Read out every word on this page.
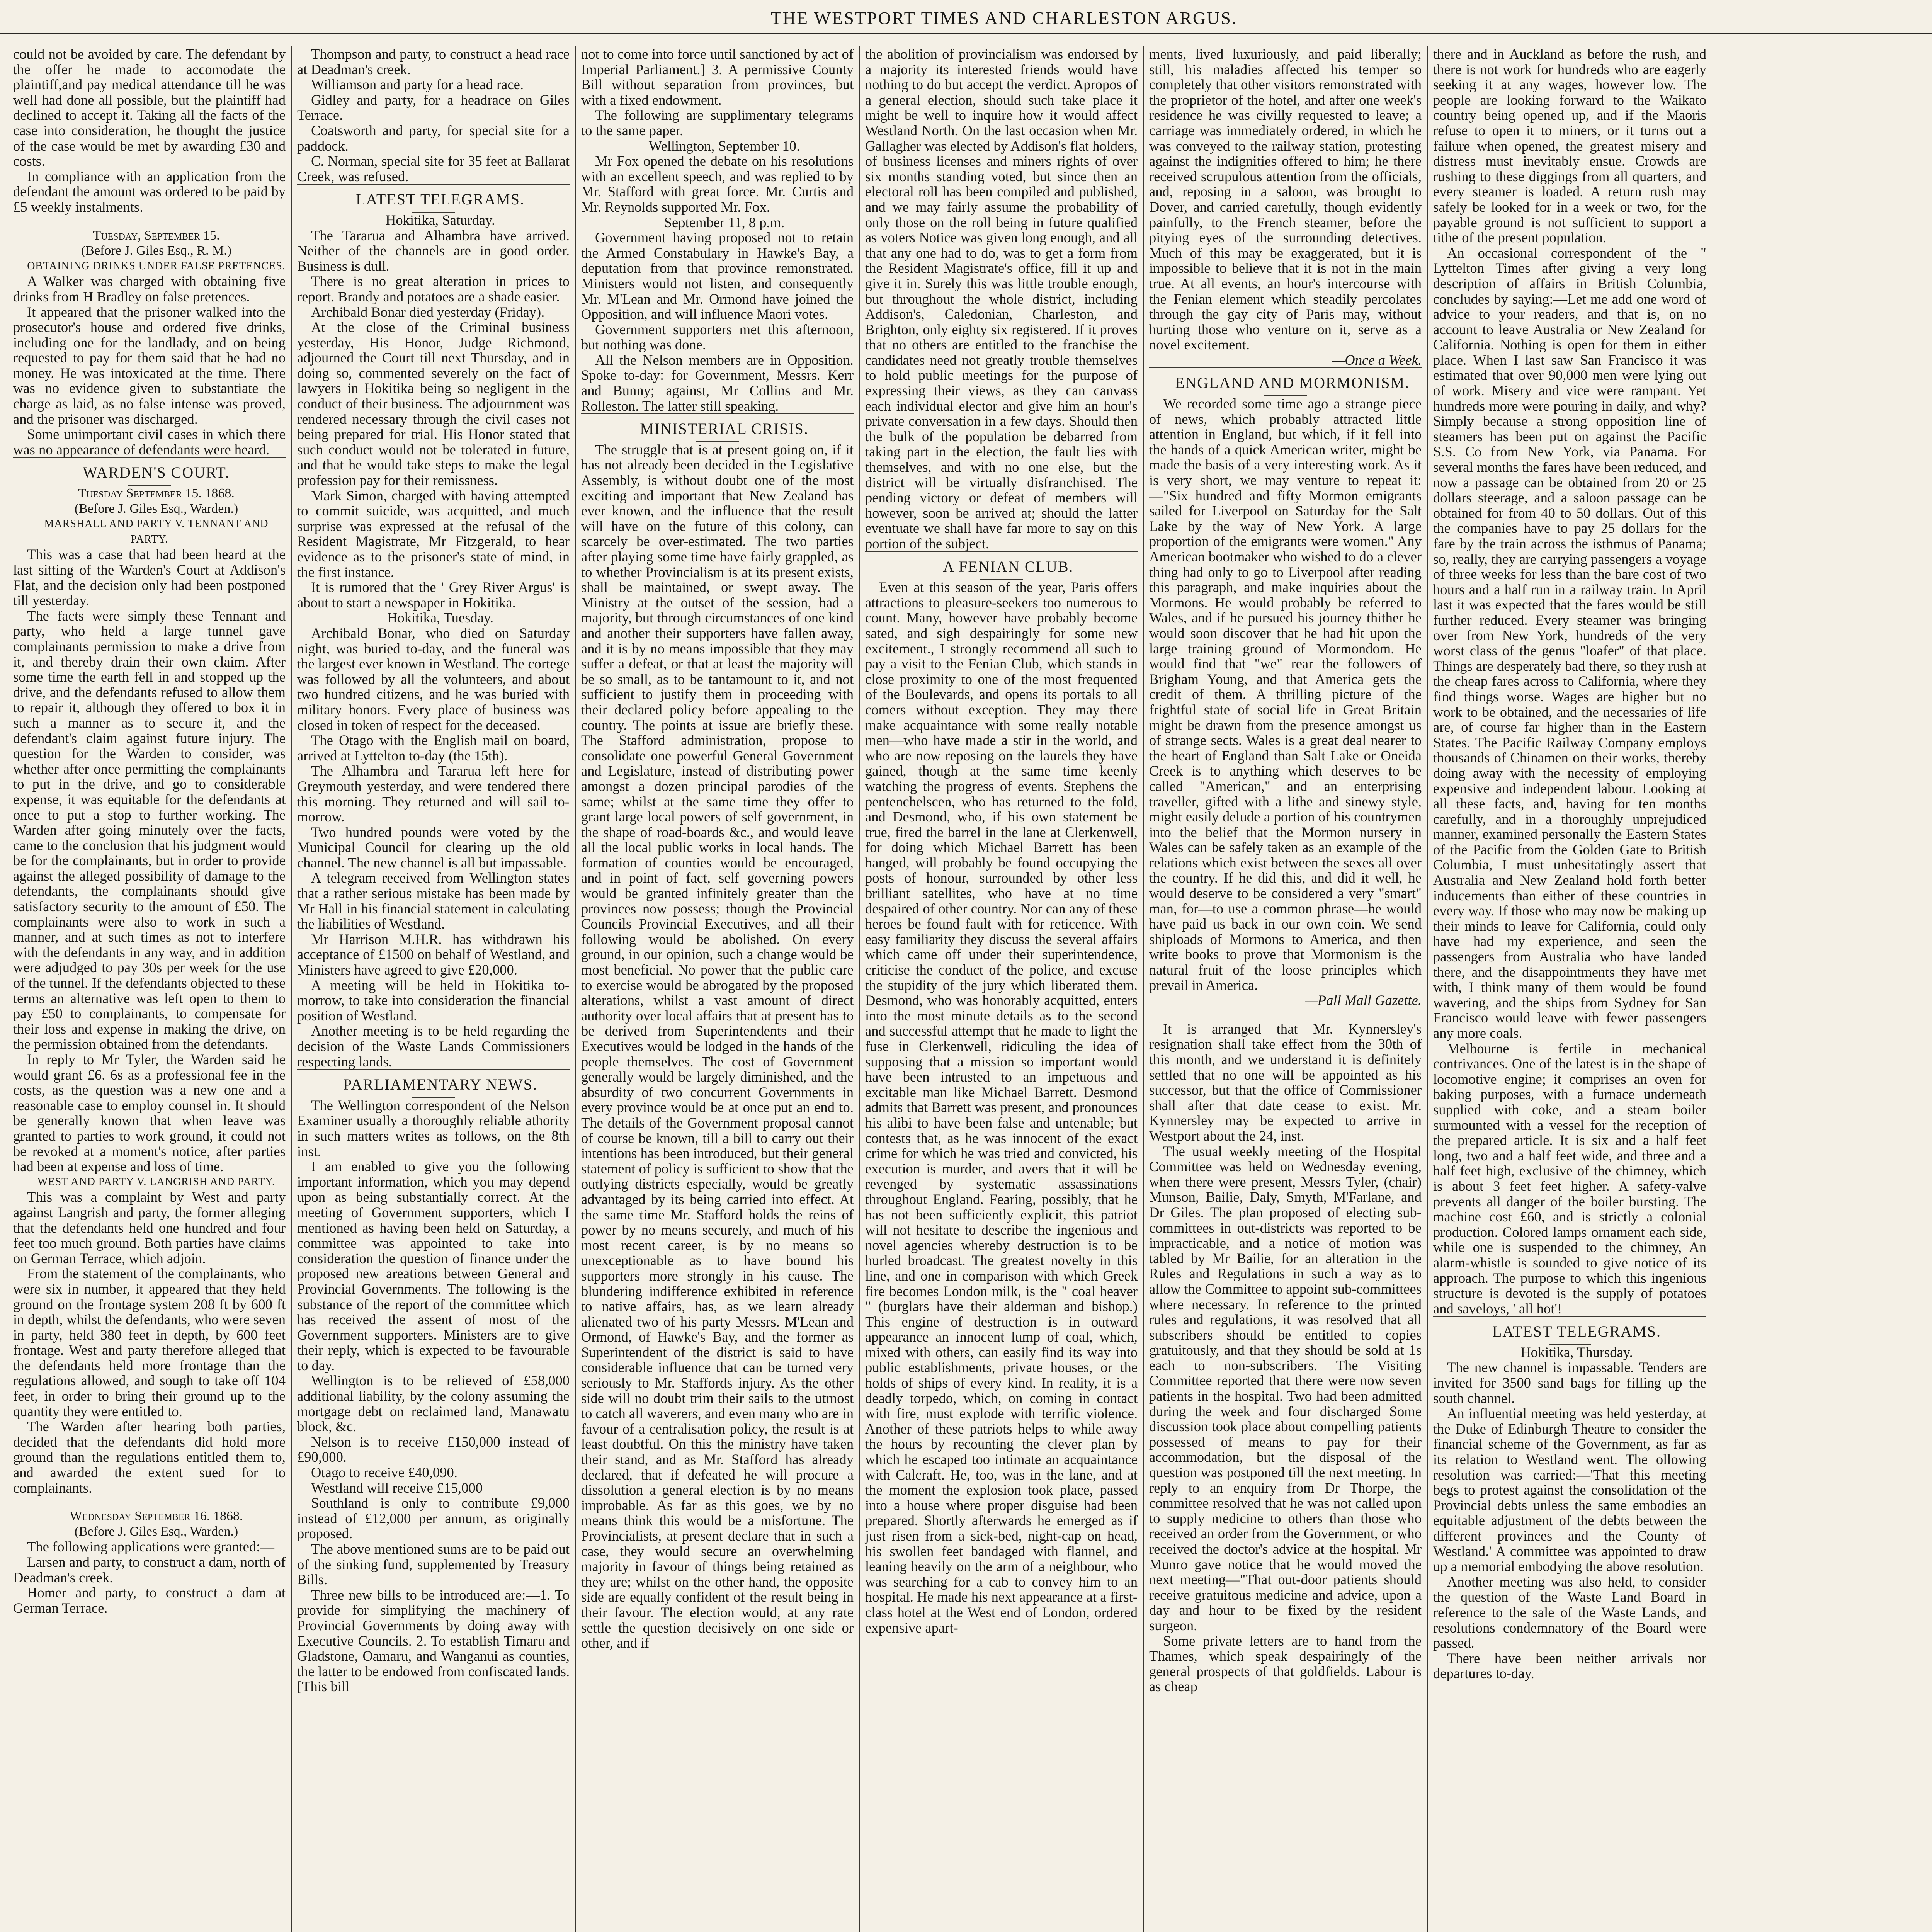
THE WESTPORT TIMES AND CHARLESTON ARGUS.

could not be avoided by care. The defendant by the offer he made to accomodate the plaintiff,and pay medical attendance till he was well had done all possible, but the plaintiff had declined to accept it. Taking all the facts of the case into consideration, he thought the justice of the case would be met by awarding £30 and costs.

In compliance with an application from the defendant the amount was ordered to be paid by £5 weekly instalments.

Tuesday, September 15.

(Before J. Giles Esq., R. M.)

OBTAINING DRINKS UNDER FALSE PRETENCES.

A Walker was charged with obtaining five drinks from H Bradley on false pretences.

It appeared that the prisoner walked into the prosecutor's house and ordered five drinks, including one for the landlady, and on being requested to pay for them said that he had no money. He was intoxicated at the time. There was no evidence given to substantiate the charge as laid, as no false intense was proved, and the prisoner was discharged.

Some unimportant civil cases in which there was no appearance of defendants were heard.

WARDEN'S COURT.

Tuesday September 15. 1868.

(Before J. Giles Esq., Warden.)

MARSHALL AND PARTY V. TENNANT AND PARTY.

This was a case that had been heard at the last sitting of the Warden's Court at Addison's Flat, and the decision only had been postponed till yesterday.

The facts were simply these Tennant and party, who held a large tunnel gave complainants permission to make a drive from it, and thereby drain their own claim. After some time the earth fell in and stopped up the drive, and the defendants refused to allow them to repair it, although they offered to box it in such a manner as to secure it, and the defendant's claim against future injury. The question for the Warden to consider, was whether after once permitting the complainants to put in the drive, and go to considerable expense, it was equitable for the defendants at once to put a stop to further working. The Warden after going minutely over the facts, came to the conclusion that his judgment would be for the complainants, but in order to provide against the alleged possibility of damage to the defendants, the complainants should give satisfactory security to the amount of £50. The complainants were also to work in such a manner, and at such times as not to interfere with the defendants in any way, and in addition were adjudged to pay 30s per week for the use of the tunnel. If the defendants objected to these terms an alternative was left open to them to pay £50 to complainants, to compensate for their loss and expense in making the drive, on the permission obtained from the defendants.

In reply to Mr Tyler, the Warden said he would grant £6. 6s as a professional fee in the costs, as the question was a new one and a reasonable case to employ counsel in. It should be generally known that when leave was granted to parties to work ground, it could not be revoked at a moment's notice, after parties had been at expense and loss of time.

WEST AND PARTY V. LANGRISH AND PARTY.

This was a complaint by West and party against Langrish and party, the former alleging that the defendants held one hundred and four feet too much ground. Both parties have claims on German Terrace, which adjoin.

From the statement of the complainants, who were six in number, it appeared that they held ground on the frontage system 208 ft by 600 ft in depth, whilst the defendants, who were seven in party, held 380 feet in depth, by 600 feet frontage. West and party therefore alleged that the defendants held more frontage than the regulations allowed, and sough to take off 104 feet, in order to bring their ground up to the quantity they were entitled to.

The Warden after hearing both parties, decided that the defendants did hold more ground than the regulations entitled them to, and awarded the extent sued for to complainants.

Wednesday September 16. 1868.

(Before J. Giles Esq., Warden.)

The following applications were granted:—

Larsen and party, to construct a dam, north of Deadman's creek.

Homer and party, to construct a dam at German Terrace.

Thompson and party, to construct a head race at Deadman's creek.

Williamson and party for a head race.

Gidley and party, for a headrace on Giles Terrace.

Coatsworth and party, for special site for a paddock.

C. Norman, special site for 35 feet at Ballarat Creek, was refused.

LATEST TELEGRAMS.

Hokitika, Saturday.

The Tararua and Alhambra have arrived. Neither of the channels are in good order. Business is dull.

There is no great alteration in prices to report. Brandy and potatoes are a shade easier.

Archibald Bonar died yesterday (Friday).

At the close of the Criminal business yesterday, His Honor, Judge Richmond, adjourned the Court till next Thursday, and in doing so, commented severely on the fact of lawyers in Hokitika being so negligent in the conduct of their business. The adjournment was rendered necessary through the civil cases not being prepared for trial. His Honor stated that such conduct would not be tolerated in future, and that he would take steps to make the legal profession pay for their remissness.

Mark Simon, charged with having attempted to commit suicide, was acquitted, and much surprise was expressed at the refusal of the Resident Magistrate, Mr Fitzgerald, to hear evidence as to the prisoner's state of mind, in the first instance.

It is rumored that the ' Grey River Argus' is about to start a newspaper in Hokitika.

Hokitika, Tuesday.

Archibald Bonar, who died on Saturday night, was buried to-day, and the funeral was the largest ever known in Westland. The cortege was followed by all the volunteers, and about two hundred citizens, and he was buried with military honors. Every place of business was closed in token of respect for the deceased.

The Otago with the English mail on board, arrived at Lyttelton to-day (the 15th).

The Alhambra and Tararua left here for Greymouth yesterday, and were tendered there this morning. They returned and will sail to-morrow.

Two hundred pounds were voted by the Municipal Council for clearing up the old channel. The new channel is all but impassable.

A telegram received from Wellington states that a rather serious mistake has been made by Mr Hall in his financial statement in calculating the liabilities of Westland.

Mr Harrison M.H.R. has withdrawn his acceptance of £1500 on behalf of Westland, and Ministers have agreed to give £20,000.

A meeting will be held in Hokitika to-morrow, to take into consideration the financial position of Westland.

Another meeting is to be held regarding the decision of the Waste Lands Commissioners respecting lands.

PARLIAMENTARY NEWS.

The Wellington correspondent of the Nelson Examiner usually a thoroughly reliable athority in such matters writes as follows, on the 8th inst.

I am enabled to give you the following important information, which you may depend upon as being substantially correct. At the meeting of Government supporters, which I mentioned as having been held on Saturday, a committee was appointed to take into consideration the question of finance under the proposed new areations between General and Provincial Governments. The following is the substance of the report of the committee which has received the assent of most of the Government supporters. Ministers are to give their reply, which is expected to be favourable to day.

Wellington is to be relieved of £58,000 additional liability, by the colony assuming the mortgage debt on reclaimed land, Manawatu block, &c.

Nelson is to receive £150,000 instead of £90,000.

Otago to receive £40,090.

Westland will receive £15,000

Southland is only to contribute £9,000 instead of £12,000 per annum, as originally proposed.

The above mentioned sums are to be paid out of the sinking fund, supplemented by Treasury Bills.

Three new bills to be introduced are:—1. To provide for simplifying the machinery of Provincial Governments by doing away with Executive Councils. 2. To establish Timaru and Gladstone, Oamaru, and Wanganui as counties, the latter to be endowed from confiscated lands. [This bill

not to come into force until sanctioned by act of Imperial Parliament.] 3. A permissive County Bill without separation from provinces, but with a fixed endowment.

The following are supplimentary telegrams to the same paper.

Wellington, September 10.

Mr Fox opened the debate on his resolutions with an excellent speech, and was replied to by Mr. Stafford with great force. Mr. Curtis and Mr. Reynolds supported Mr. Fox.

September 11, 8 p.m.

Government having proposed not to retain the Armed Constabulary in Hawke's Bay, a deputation from that province remonstrated. Ministers would not listen, and consequently Mr. M'Lean and Mr. Ormond have joined the Opposition, and will influence Maori votes.

Government supporters met this afternoon, but nothing was done.

All the Nelson members are in Opposition. Spoke to-day: for Government, Messrs. Kerr and Bunny; against, Mr Collins and Mr. Rolleston. The latter still speaking.

MINISTERIAL CRISIS.

The struggle that is at present going on, if it has not already been decided in the Legislative Assembly, is without doubt one of the most exciting and important that New Zealand has ever known, and the influence that the result will have on the future of this colony, can scarcely be over-estimated. The two parties after playing some time have fairly grappled, as to whether Provincialism is at its present exists, shall be maintained, or swept away. The Ministry at the outset of the session, had a majority, but through circumstances of one kind and another their supporters have fallen away, and it is by no means impossible that they may suffer a defeat, or that at least the majority will be so small, as to be tantamount to it, and not sufficient to justify them in proceeding with their declared policy before appealing to the country. The points at issue are briefly these. The Stafford administration, propose to consolidate one powerful General Government and Legislature, instead of distributing power amongst a dozen principal parodies of the same; whilst at the same time they offer to grant large local powers of self government, in the shape of road-boards &c., and would leave all the local public works in local hands. The formation of counties would be encouraged, and in point of fact, self governing powers would be granted infinitely greater than the provinces now possess; though the Provincial Councils Provincial Executives, and all their following would be abolished. On every ground, in our opinion, such a change would be most beneficial. No power that the public care to exercise would be abrogated by the proposed alterations, whilst a vast amount of direct authority over local affairs that at present has to be derived from Superintendents and their Executives would be lodged in the hands of the people themselves. The cost of Government generally would be largely diminished, and the absurdity of two concurrent Governments in every province would be at once put an end to. The details of the Government proposal cannot of course be known, till a bill to carry out their intentions has been introduced, but their general statement of policy is sufficient to show that the outlying districts especially, would be greatly advantaged by its being carried into effect. At the same time Mr. Stafford holds the reins of power by no means securely, and much of his most recent career, is by no means so unexceptionable as to have bound his supporters more strongly in his cause. The blundering indifference exhibited in reference to native affairs, has, as we learn already alienated two of his party Messrs. M'Lean and Ormond, of Hawke's Bay, and the former as Superintendent of the district is said to have considerable influence that can be turned very seriously to Mr. Staffords injury. As the other side will no doubt trim their sails to the utmost to catch all waverers, and even many who are in favour of a centralisation policy, the result is at least doubtful. On this the ministry have taken their stand, and as Mr. Stafford has already declared, that if defeated he will procure a dissolution a general election is by no means improbable. As far as this goes, we by no means think this would be a misfortune. The Provincialists, at present declare that in such a case, they would secure an overwhelming majority in favour of things being retained as they are; whilst on the other hand, the opposite side are equally confident of the result being in their favour. The election would, at any rate settle the question decisively on one side or other, and if

the abolition of provincialism was endorsed by a majority its interested friends would have nothing to do but accept the verdict. Apropos of a general election, should such take place it might be well to inquire how it would affect Westland North. On the last occasion when Mr. Gallagher was elected by Addison's flat holders, of business licenses and miners rights of over six months standing voted, but since then an electoral roll has been compiled and published, and we may fairly assume the probability of only those on the roll being in future qualified as voters Notice was given long enough, and all that any one had to do, was to get a form from the Resident Magistrate's office, fill it up and give it in. Surely this was little trouble enough, but throughout the whole district, including Addison's, Caledonian, Charleston, and Brighton, only eighty six registered. If it proves that no others are entitled to the franchise the candidates need not greatly trouble themselves to hold public meetings for the purpose of expressing their views, as they can canvass each individual elector and give him an hour's private conversation in a few days. Should then the bulk of the population be debarred from taking part in the election, the fault lies with themselves, and with no one else, but the district will be virtually disfranchised. The pending victory or defeat of members will however, soon be arrived at; should the latter eventuate we shall have far more to say on this portion of the subject.

A FENIAN CLUB.

Even at this season of the year, Paris offers attractions to pleasure-seekers too numerous to count. Many, however have probably become sated, and sigh despairingly for some new excitement., I strongly recommend all such to pay a visit to the Fenian Club, which stands in close proximity to one of the most frequented of the Boulevards, and opens its portals to all comers without exception. They may there make acquaintance with some really notable men—who have made a stir in the world, and who are now reposing on the laurels they have gained, though at the same time keenly watching the progress of events. Stephens the pentenchelscen, who has returned to the fold, and Desmond, who, if his own statement be true, fired the barrel in the lane at Clerkenwell, for doing which Michael Barrett has been hanged, will probably be found occupying the posts of honour, surrounded by other less brilliant satellites, who have at no time despaired of other country. Nor can any of these heroes be found fault with for reticence. With easy familiarity they discuss the several affairs which came off under their superintendence, criticise the conduct of the police, and excuse the stupidity of the jury which liberated them. Desmond, who was honorably acquitted, enters into the most minute details as to the second and successful attempt that he made to light the fuse in Clerkenwell, ridiculing the idea of supposing that a mission so important would have been intrusted to an impetuous and excitable man like Michael Barrett. Desmond admits that Barrett was present, and pronounces his alibi to have been false and untenable; but contests that, as he was innocent of the exact crime for which he was tried and convicted, his execution is murder, and avers that it will be revenged by systematic assassinations throughout England. Fearing, possibly, that he has not been sufficiently explicit, this patriot will not hesitate to describe the ingenious and novel agencies whereby destruction is to be hurled broadcast. The greatest novelty in this line, and one in comparison with which Greek fire becomes London milk, is the " coal heaver " (burglars have their alderman and bishop.) This engine of destruction is in outward appearance an innocent lump of coal, which, mixed with others, can easily find its way into public establishments, private houses, or the holds of ships of every kind. In reality, it is a deadly torpedo, which, on coming in contact with fire, must explode with terrific violence. Another of these patriots helps to while away the hours by recounting the clever plan by which he escaped too intimate an acquaintance with Calcraft. He, too, was in the lane, and at the moment the explosion took place, passed into a house where proper disguise had been prepared. Shortly afterwards he emerged as if just risen from a sick-bed, night-cap on head, his swollen feet bandaged with flannel, and leaning heavily on the arm of a neighbour, who was searching for a cab to convey him to an hospital. He made his next appearance at a first-class hotel at the West end of London, ordered expensive apart-

ments, lived luxuriously, and paid liberally; still, his maladies affected his temper so completely that other visitors remonstrated with the proprietor of the hotel, and after one week's residence he was civilly requested to leave; a carriage was immediately ordered, in which he was conveyed to the railway station, protesting against the indignities offered to him; he there received scrupulous attention from the officials, and, reposing in a saloon, was brought to Dover, and carried carefully, though evidently painfully, to the French steamer, before the pitying eyes of the surrounding detectives. Much of this may be exaggerated, but it is impossible to believe that it is not in the main true. At all events, an hour's intercourse with the Fenian element which steadily percolates through the gay city of Paris may, without hurting those who venture on it, serve as a novel excitement.

—Once a Week.

ENGLAND AND MORMONISM.

We recorded some time ago a strange piece of news, which probably attracted little attention in England, but which, if it fell into the hands of a quick American writer, might be made the basis of a very interesting work. As it is very short, we may venture to repeat it:—"Six hundred and fifty Mormon emigrants sailed for Liverpool on Saturday for the Salt Lake by the way of New York. A large proportion of the emigrants were women." Any American bootmaker who wished to do a clever thing had only to go to Liverpool after reading this paragraph, and make inquiries about the Mormons. He would probably be referred to Wales, and if he pursued his journey thither he would soon discover that he had hit upon the large training ground of Mormondom. He would find that "we" rear the followers of Brigham Young, and that America gets the credit of them. A thrilling picture of the frightful state of social life in Great Britain might be drawn from the presence amongst us of strange sects. Wales is a great deal nearer to the heart of England than Salt Lake or Oneida Creek is to anything which deserves to be called "American," and an enterprising traveller, gifted with a lithe and sinewy style, might easily delude a portion of his countrymen into the belief that the Mormon nursery in Wales can be safely taken as an example of the relations which exist between the sexes all over the country. If he did this, and did it well, he would deserve to be considered a very "smart" man, for—to use a common phrase—he would have paid us back in our own coin. We send shiploads of Mormons to America, and then write books to prove that Mormonism is the natural fruit of the loose principles which prevail in America.

—Pall Mall Gazette.

It is arranged that Mr. Kynnersley's resignation shall take effect from the 30th of this month, and we understand it is definitely settled that no one will be appointed as his successor, but that the office of Commissioner shall after that date cease to exist. Mr. Kynnersley may be expected to arrive in Westport about the 24, inst.

The usual weekly meeting of the Hospital Committee was held on Wednesday evening, when there were present, Messrs Tyler, (chair) Munson, Bailie, Daly, Smyth, M'Farlane, and Dr Giles. The plan proposed of electing sub-committees in out-districts was reported to be impracticable, and a notice of motion was tabled by Mr Bailie, for an alteration in the Rules and Regulations in such a way as to allow the Committee to appoint sub-committees where necessary. In reference to the printed rules and regulations, it was resolved that all subscribers should be entitled to copies gratuitously, and that they should be sold at 1s each to non-subscribers. The Visiting Committee reported that there were now seven patients in the hospital. Two had been admitted during the week and four discharged Some discussion took place about compelling patients possessed of means to pay for their accommodation, but the disposal of the question was postponed till the next meeting. In reply to an enquiry from Dr Thorpe, the committee resolved that he was not called upon to supply medicine to others than those who received an order from the Government, or who received the doctor's advice at the hospital. Mr Munro gave notice that he would moved the next meeting—"That out-door patients should receive gratuitous medicine and advice, upon a day and hour to be fixed by the resident surgeon.

Some private letters are to hand from the Thames, which speak despairingly of the general prospects of that goldfields. Labour is as cheap

there and in Auckland as before the rush, and there is not work for hundreds who are eagerly seeking it at any wages, however low. The people are looking forward to the Waikato country being opened up, and if the Maoris refuse to open it to miners, or it turns out a failure when opened, the greatest misery and distress must inevitably ensue. Crowds are rushing to these diggings from all quarters, and every steamer is loaded. A return rush may safely be looked for in a week or two, for the payable ground is not sufficient to support a tithe of the present population.

An occasional correspondent of the " Lyttelton Times after giving a very long description of affairs in British Columbia, concludes by saying:—Let me add one word of advice to your readers, and that is, on no account to leave Australia or New Zealand for California. Nothing is open for them in either place. When I last saw San Francisco it was estimated that over 90,000 men were lying out of work. Misery and vice were rampant. Yet hundreds more were pouring in daily, and why? Simply because a strong opposition line of steamers has been put on against the Pacific S.S. Co from New York, via Panama. For several months the fares have been reduced, and now a passage can be obtained from 20 or 25 dollars steerage, and a saloon passage can be obtained for from 40 to 50 dollars. Out of this the companies have to pay 25 dollars for the fare by the train across the isthmus of Panama; so, really, they are carrying passengers a voyage of three weeks for less than the bare cost of two hours and a half run in a railway train. In April last it was expected that the fares would be still further reduced. Every steamer was bringing over from New York, hundreds of the very worst class of the genus "loafer" of that place. Things are desperately bad there, so they rush at the cheap fares across to California, where they find things worse. Wages are higher but no work to be obtained, and the necessaries of life are, of course far higher than in the Eastern States. The Pacific Railway Company employs thousands of Chinamen on their works, thereby doing away with the necessity of employing expensive and independent labour. Looking at all these facts, and, having for ten months carefully, and in a thoroughly unprejudiced manner, examined personally the Eastern States of the Pacific from the Golden Gate to British Columbia, I must unhesitatingly assert that Australia and New Zealand hold forth better inducements than either of these countries in every way. If those who may now be making up their minds to leave for California, could only have had my experience, and seen the passengers from Australia who have landed there, and the disappointments they have met with, I think many of them would be found wavering, and the ships from Sydney for San Francisco would leave with fewer passengers any more coals.

Melbourne is fertile in mechanical contrivances. One of the latest is in the shape of locomotive engine; it comprises an oven for baking purposes, with a furnace underneath supplied with coke, and a steam boiler surmounted with a vessel for the reception of the prepared article. It is six and a half feet long, two and a half feet wide, and three and a half feet high, exclusive of the chimney, which is about 3 feet feet higher. A safety-valve prevents all danger of the boiler bursting. The machine cost £60, and is strictly a colonial production. Colored lamps ornament each side, while one is suspended to the chimney, An alarm-whistle is sounded to give notice of its approach. The purpose to which this ingenious structure is devoted is the supply of potatoes and saveloys, ' all hot'!

LATEST TELEGRAMS.

Hokitika, Thursday.

The new channel is impassable. Tenders are invited for 3500 sand bags for filling up the south channel.

An influential meeting was held yesterday, at the Duke of Edinburgh Theatre to consider the financial scheme of the Government, as far as its relation to Westland went. The ollowing resolution was carried:—'That this meeting begs to protest against the consolidation of the Provincial debts unless the same embodies an equitable adjustment of the debts between the different provinces and the County of Westland.' A committee was appointed to draw up a memorial embodying the above resolution.

Another meeting was also held, to consider the question of the Waste Land Board in reference to the sale of the Waste Lands, and resolutions condemnatory of the Board were passed.

There have been neither arrivals nor departures to-day.
